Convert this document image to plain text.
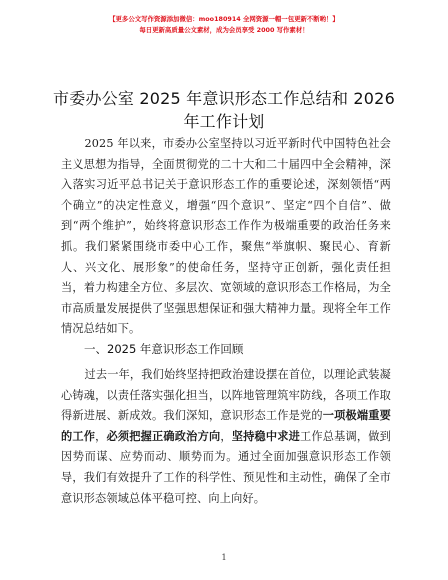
【更多公文写作资源添加微信：moo180914 全网资源一帽一包更新不断哟！】
每日更新高质量公文素材，成为会员享受 2000 写作素材！
市委办公室 2025 年意识形态工作总结和 2026
年工作计划

2025 年以来，市委办公室坚持以习近平新时代中国特色社会主义思想为指导，全面贯彻党的二十大和二十届四中全会精神，深入落实习近平总书记关于意识形态工作的重要论述，深刻领悟“两个确立”的决定性意义，增强“四个意识”、坚定“四个自信”、做到“两个维护”，始终将意识形态工作作为极端重要的政治任务来抓。我们紧紧围绕市委中心工作，聚焦“举旗帜、聚民心、育新人、兴文化、展形象”的使命任务，坚持守正创新，强化责任担当，着力构建全方位、多层次、宽领域的意识形态工作格局，为全市高质量发展提供了坚强思想保证和强大精神力量。现将全年工作情况总结如下。

一、2025 年意识形态工作回顾

过去一年，我们始终坚持把政治建设摆在首位，以理论武装凝心铸魂，以责任落实强化担当，以阵地管理筑牢防线，各项工作取得新进展、新成效。我们深知，意识形态工作是党的一项极端重要的工作，必须把握正确政治方向，坚持稳中求进工作总基调，做到因势而谋、应势而动、顺势而为。通过全面加强意识形态工作领导，我们有效提升了工作的科学性、预见性和主动性，确保了全市意识形态领域总体平稳可控、向上向好。

1
